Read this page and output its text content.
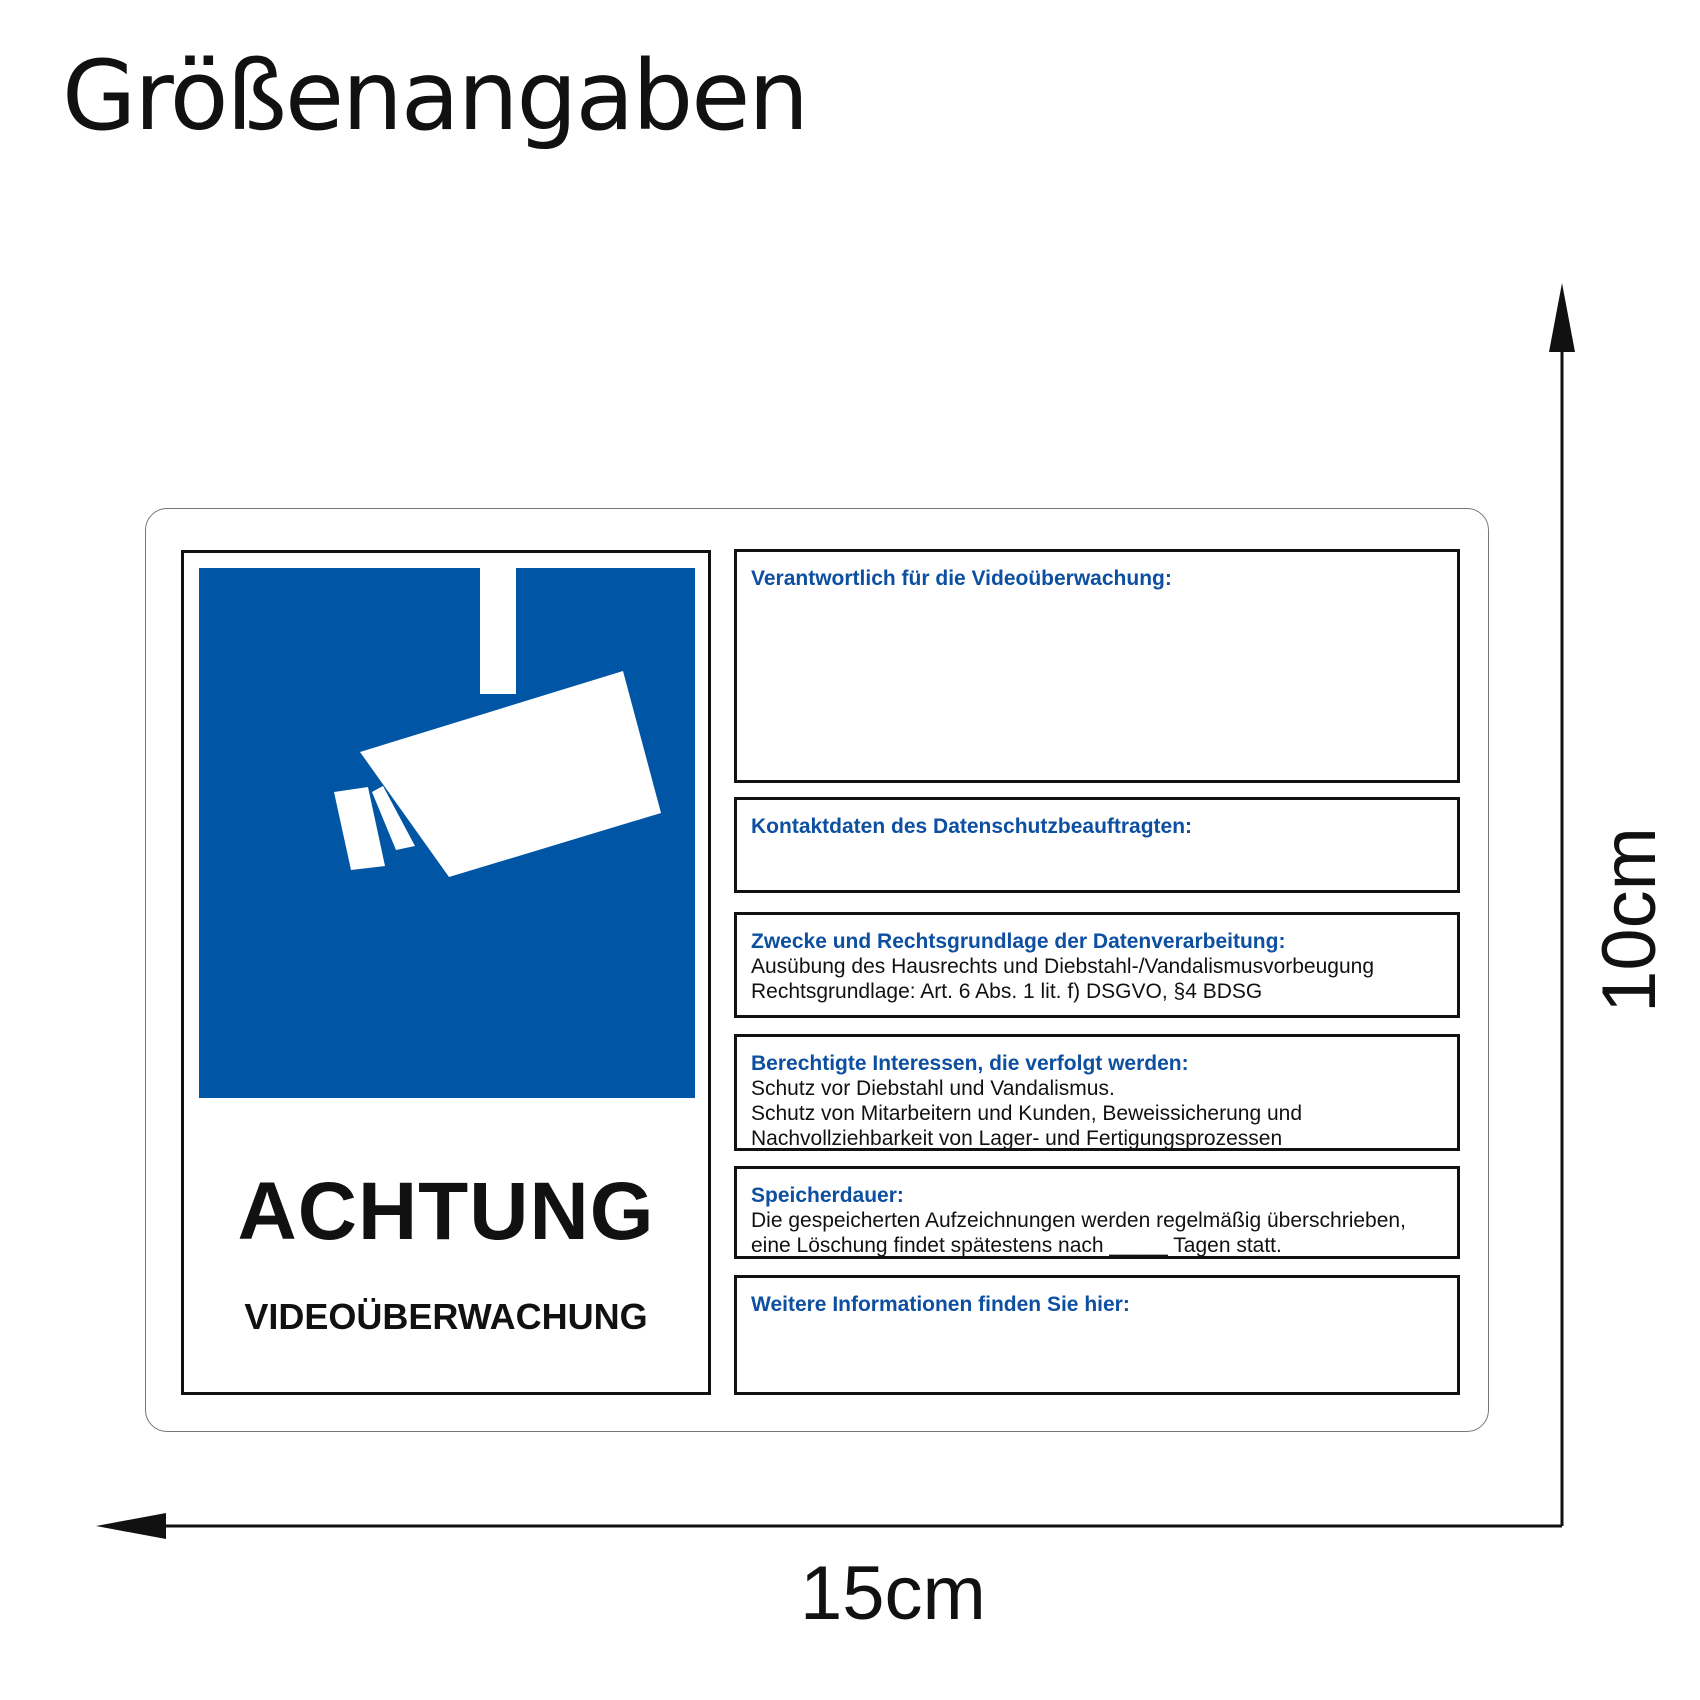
Größenangaben
15cm
10cm
ACHTUNG
VIDEOÜBERWACHUNG
Verantwortlich für die Videoüberwachung:
Kontaktdaten des Datenschutzbeauftragten:
Zwecke und Rechtsgrundlage der Datenverarbeitung:
Ausübung des Hausrechts und Diebstahl-/Vandalismusvorbeugung
Rechtsgrundlage: Art. 6 Abs. 1 lit. f) DSGVO, §4 BDSG
Berechtigte Interessen, die verfolgt werden:
Schutz vor Diebstahl und Vandalismus.
Schutz von Mitarbeitern und Kunden, Beweissicherung und
Nachvollziehbarkeit von Lager- und Fertigungsprozessen
Speicherdauer:
Die gespeicherten Aufzeichnungen werden regelmäßig überschrieben,
eine Löschung findet spätestens nach _____ Tagen statt.
Weitere Informationen finden Sie hier:
